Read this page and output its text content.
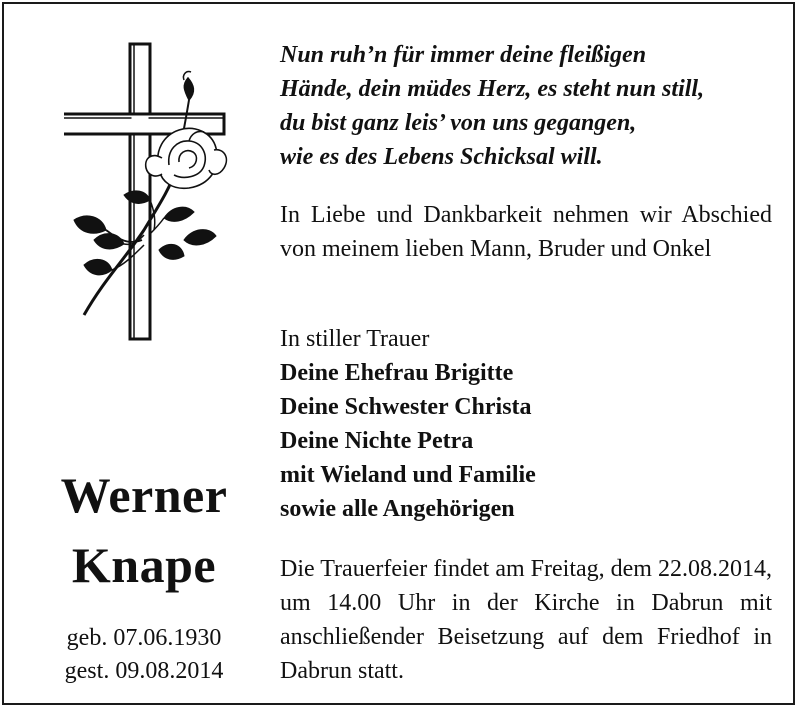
Werner
Knape
geb. 07.06.1930
gest. 09.08.2014
Nun ruh’n für immer deine fleißigen
Hände, dein müdes Herz, es steht nun still,
du bist ganz leis’ von uns gegangen,
wie es des Lebens Schicksal will.
In Liebe und Dankbarkeit nehmen wir Abschied von meinem lieben Mann, Bruder und Onkel
In stiller Trauer
Deine Ehefrau Brigitte
Deine Schwester Christa
Deine Nichte Petra
mit Wieland und Familie
sowie alle Angehörigen
Die Trauerfeier findet am Freitag, dem 22.08.2014, um 14.00 Uhr in der Kirche in Dabrun mit anschließender Beisetzung auf dem Friedhof in Dabrun statt.
